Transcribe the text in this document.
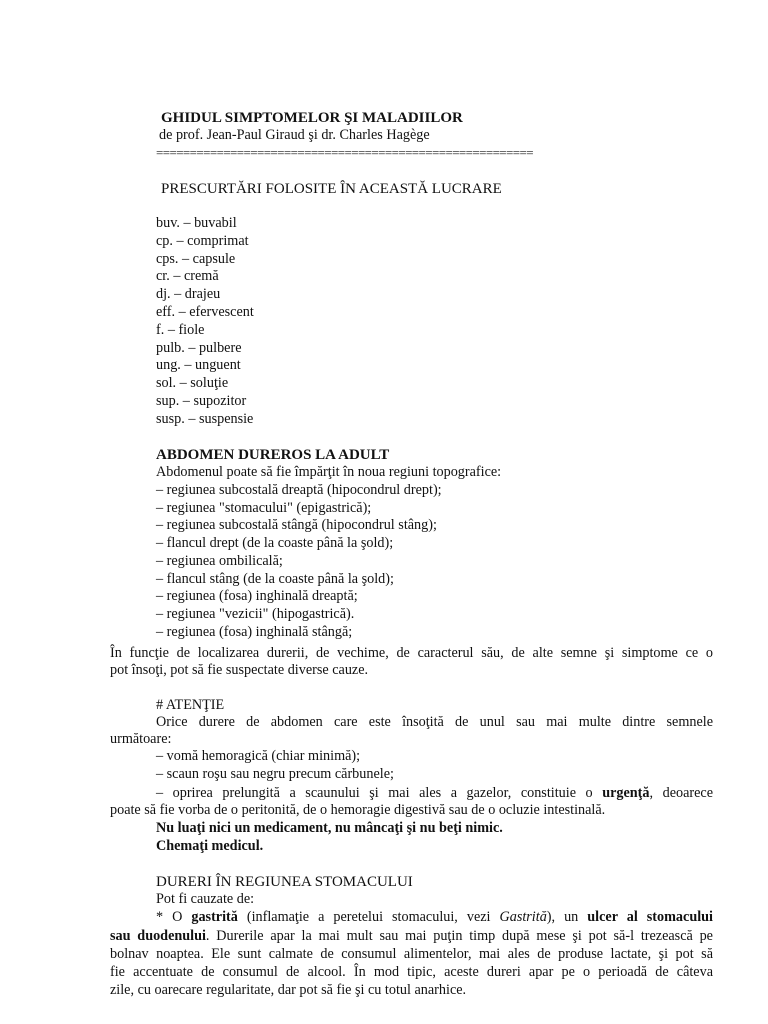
GHIDUL SIMPTOMELOR ŞI MALADIILOR
de prof. Jean-Paul Giraud şi dr. Charles Hagège
========================================================
PRESCURTĂRI FOLOSITE ÎN ACEASTĂ LUCRARE
buv. – buvabil
cp. – comprimat
cps. – capsule
cr. – cremă
dj. – drajeu
eff. – efervescent
f. – fiole
pulb. – pulbere
ung. – unguent
sol. – soluţie
sup. – supozitor
susp. – suspensie
ABDOMEN DUREROS LA ADULT
Abdomenul poate să fie împărţit în noua regiuni topografice:
– regiunea subcostală dreaptă (hipocondrul drept);
– regiunea "stomacului" (epigastrică);
– regiunea subcostală stângă (hipocondrul stâng);
– flancul drept (de la coaste până la şold);
– regiunea ombilicală;
– flancul stâng (de la coaste până la şold);
– regiunea (fosa) inghinală dreaptă;
– regiunea "vezicii" (hipogastrică).
– regiunea (fosa) inghinală stângă;
În funcţie de localizarea durerii, de vechime, de caracterul său, de alte semne şi simptome ce o
pot însoţi, pot să fie suspectate diverse cauze.
# ATENŢIE
Orice durere de abdomen care este însoţită de unul sau mai multe dintre semnele
următoare:
– vomă hemoragică (chiar minimă);
– scaun roşu sau negru precum cărbunele;
– oprirea prelungită a scaunului şi mai ales a gazelor, constituie o urgenţă, deoarece
poate să fie vorba de o peritonită, de o hemoragie digestivă sau de o ocluzie intestinală.
Nu luaţi nici un medicament, nu mâncaţi şi nu beţi nimic.
Chemaţi medicul.
DURERI ÎN REGIUNEA STOMACULUI
Pot fi cauzate de:
* O gastrită (inflamaţie a peretelui stomacului, vezi Gastrită), un ulcer al stomacului
sau duodenului. Durerile apar la mai mult sau mai puţin timp după mese şi pot să-l trezească pe
bolnav noaptea. Ele sunt calmate de consumul alimentelor, mai ales de produse lactate, şi pot să
fie accentuate de consumul de alcool. În mod tipic, aceste dureri apar pe o perioadă de câteva
zile, cu oarecare regularitate, dar pot să fie şi cu totul anarhice.
